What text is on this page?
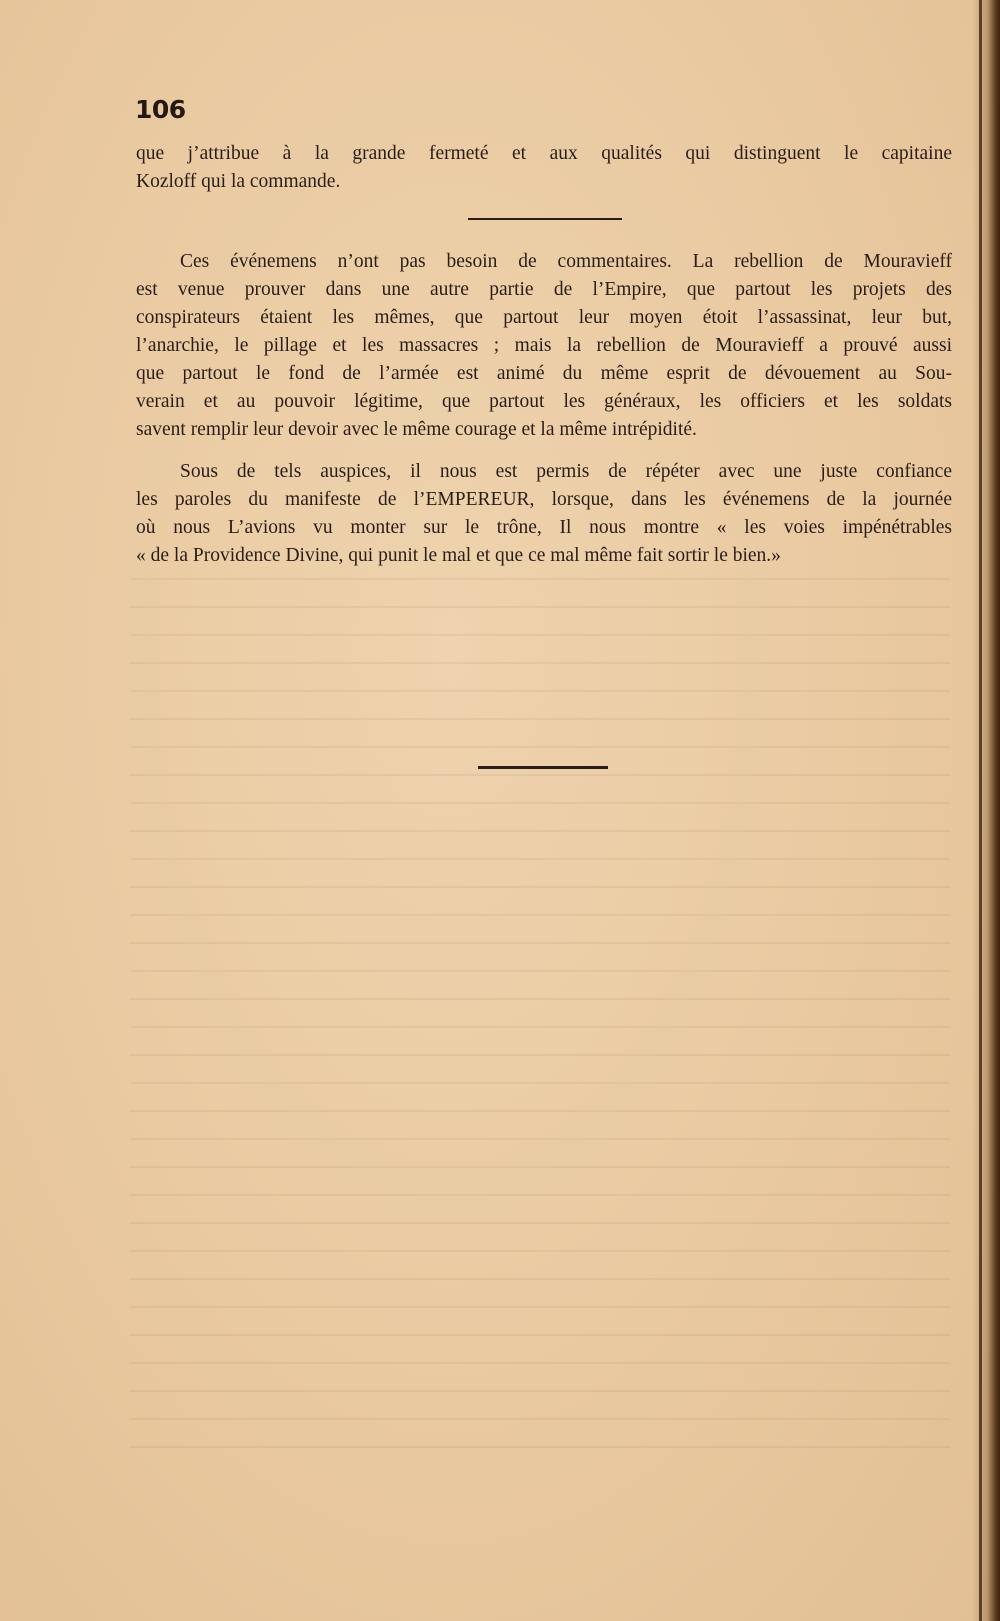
106
que j’attribue à la grande fermeté et aux qualités qui distinguent le capitaine
Kozloff qui la commande.
Ces événemens n’ont pas besoin de commentaires. La rebellion de Mouravieff
est venue prouver dans une autre partie de l’Empire, que partout les projets des
conspirateurs étaient les mêmes, que partout leur moyen étoit l’assassinat, leur but,
l’anarchie, le pillage et les massacres ; mais la rebellion de Mouravieff a prouvé aussi
que partout le fond de l’armée est animé du même esprit de dévouement au Sou-
verain et au pouvoir légitime, que partout les généraux, les officiers et les soldats
savent remplir leur devoir avec le même courage et la même intrépidité.
Sous de tels auspices, il nous est permis de répéter avec une juste confiance
les paroles du manifeste de l’EMPEREUR, lorsque, dans les événemens de la journée
où nous L’avions vu monter sur le trône, Il nous montre « les voies impénétrables
« de la Providence Divine, qui punit le mal et que ce mal même fait sortir le bien.»
